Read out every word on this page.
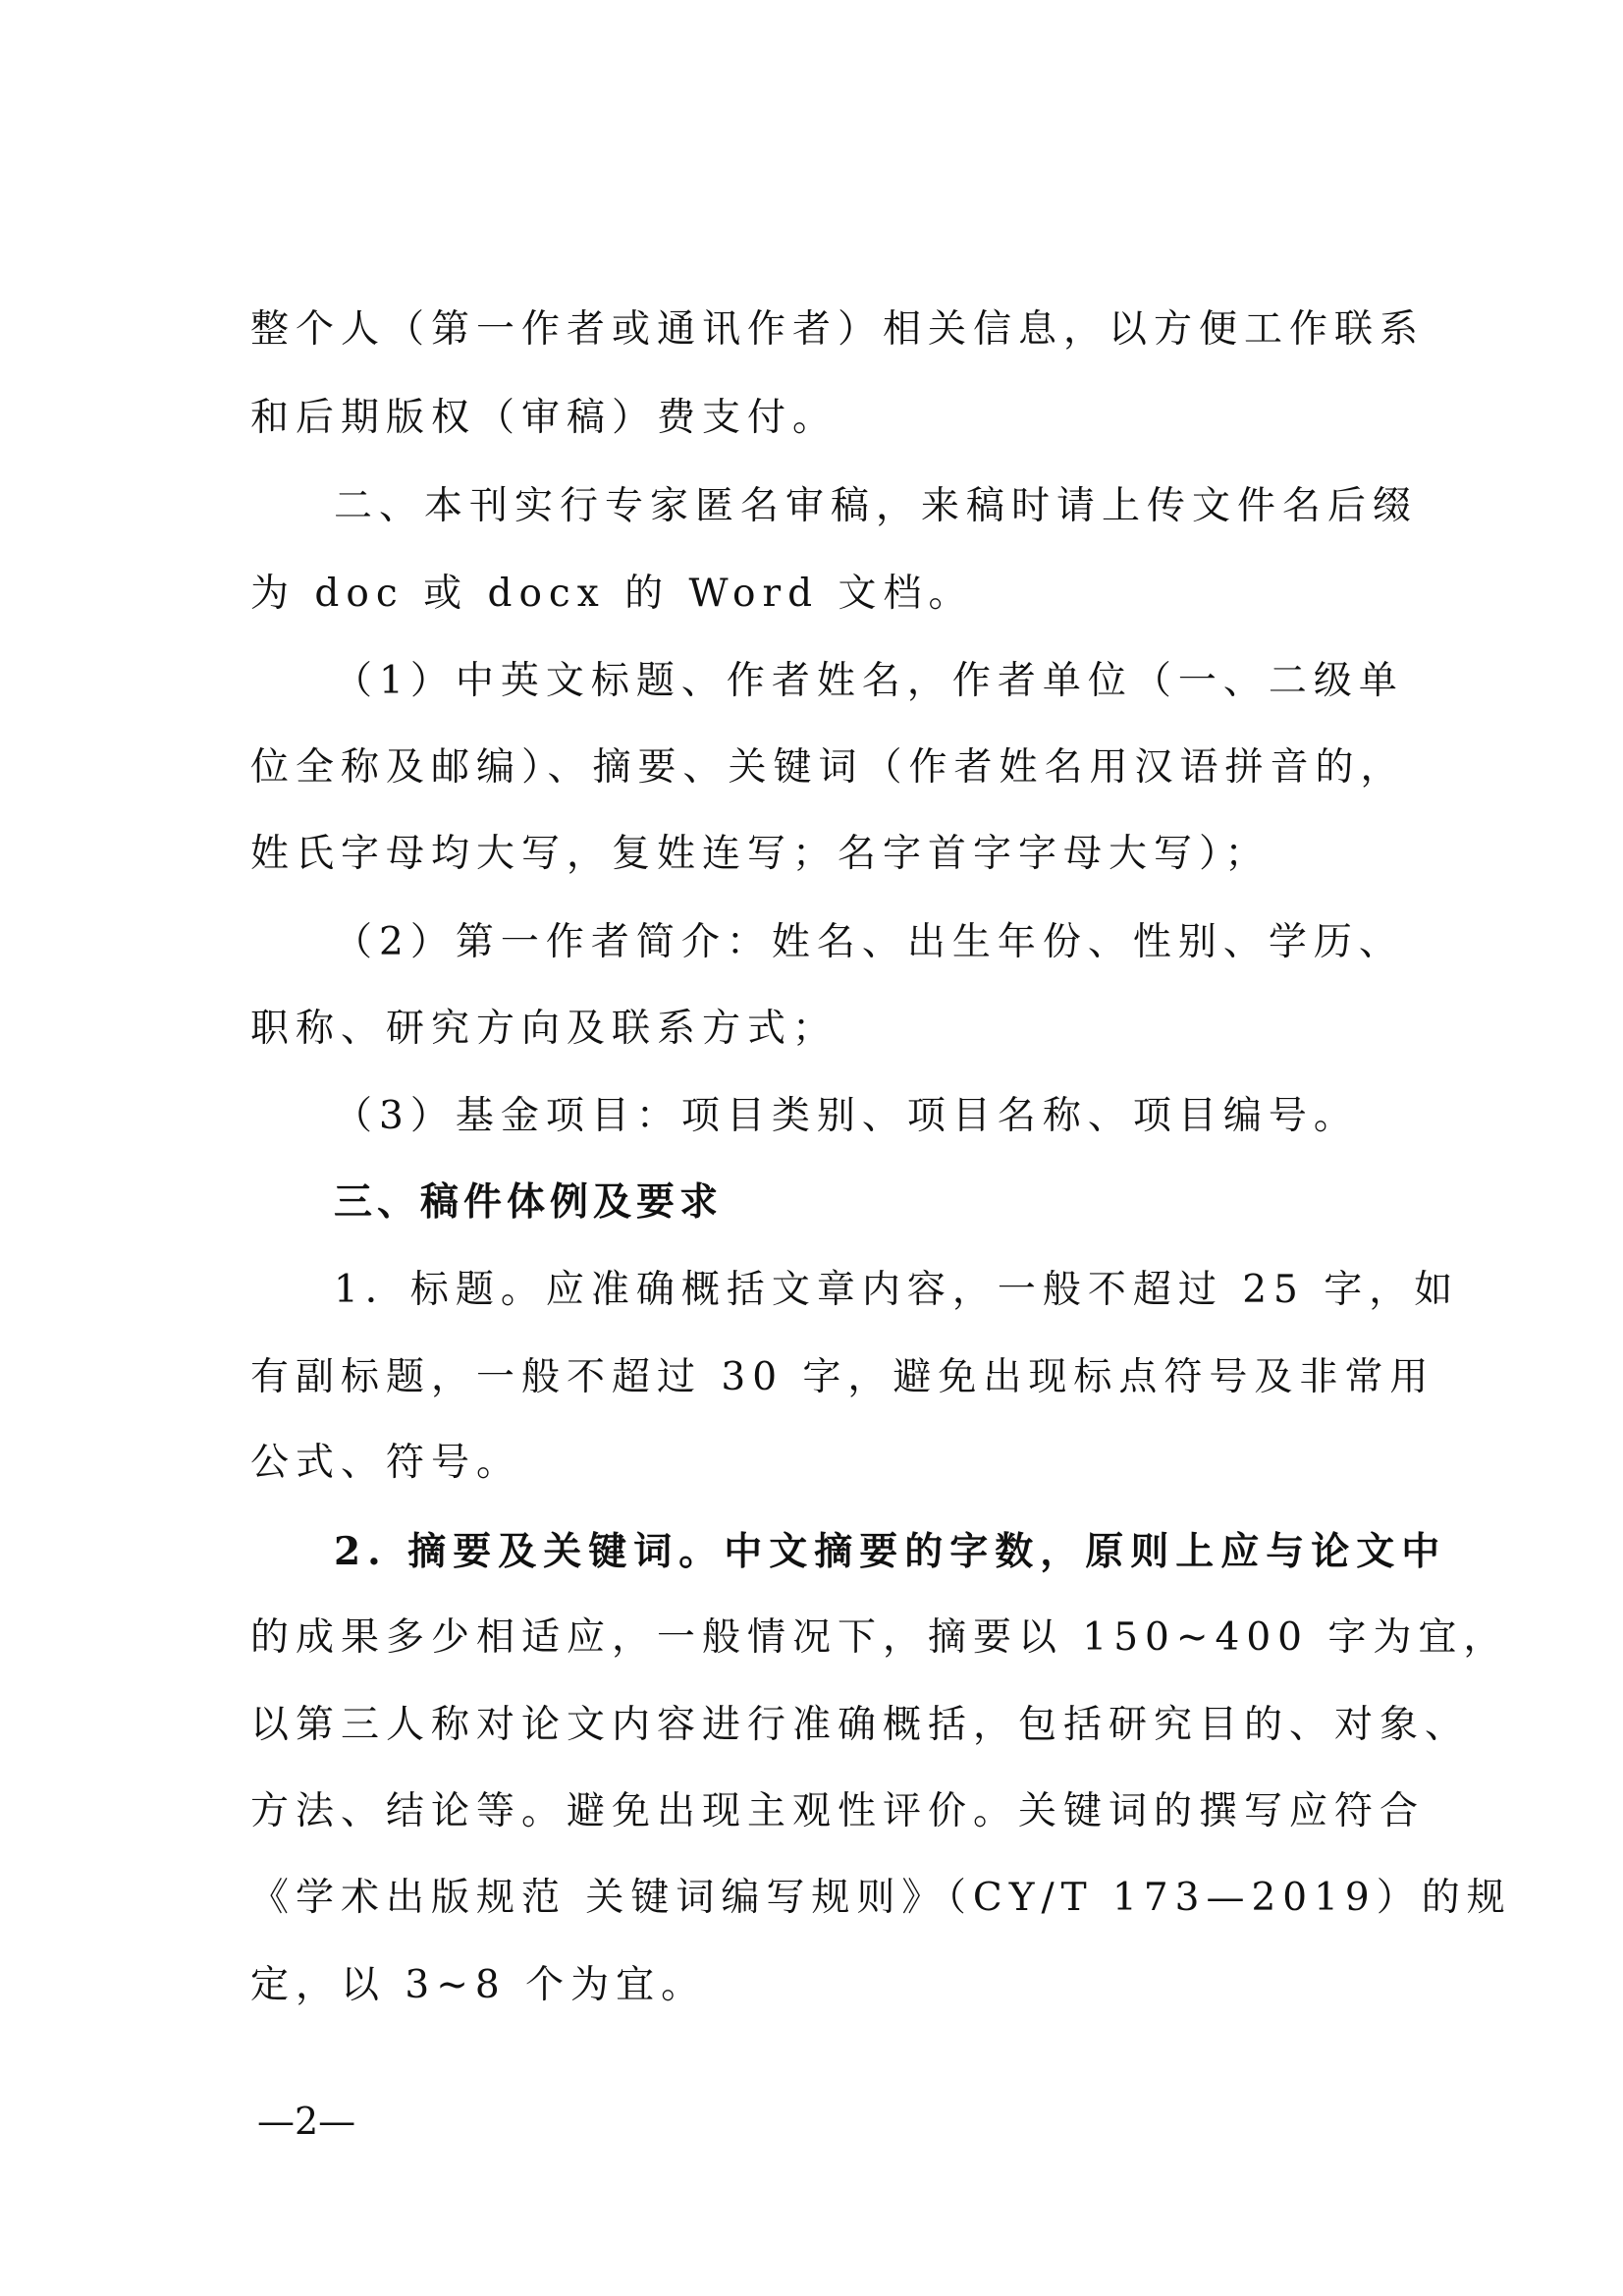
整个人（第一作者或通讯作者）相关信息，以方便工作联系
和后期版权（审稿）费支付。
二、本刊实行专家匿名审稿，来稿时请上传文件名后缀
为 doc 或 docx 的 Word 文档。
（1）中英文标题、作者姓名，作者单位（一、二级单
位全称及邮编）、摘要、关键词（作者姓名用汉语拼音的，
姓氏字母均大写，复姓连写；名字首字字母大写）；
（2）第一作者简介：姓名、出生年份、性别、学历、
职称、研究方向及联系方式；
（3）基金项目：项目类别、项目名称、项目编号。
三、稿件体例及要求
1．标题。应准确概括文章内容，一般不超过 25 字，如
有副标题，一般不超过 30 字，避免出现标点符号及非常用
公式、符号。
2. 摘要及关键词。中文摘要的字数，原则上应与论文中
的成果多少相适应，一般情况下，摘要以 150~400 字为宜，
以第三人称对论文内容进行准确概括，包括研究目的、对象、
方法、结论等。避免出现主观性评价。关键词的撰写应符合
《学术出版规范 关键词编写规则》（CY/T 173—2019）的规
定，以 3~8 个为宜。
—2—
